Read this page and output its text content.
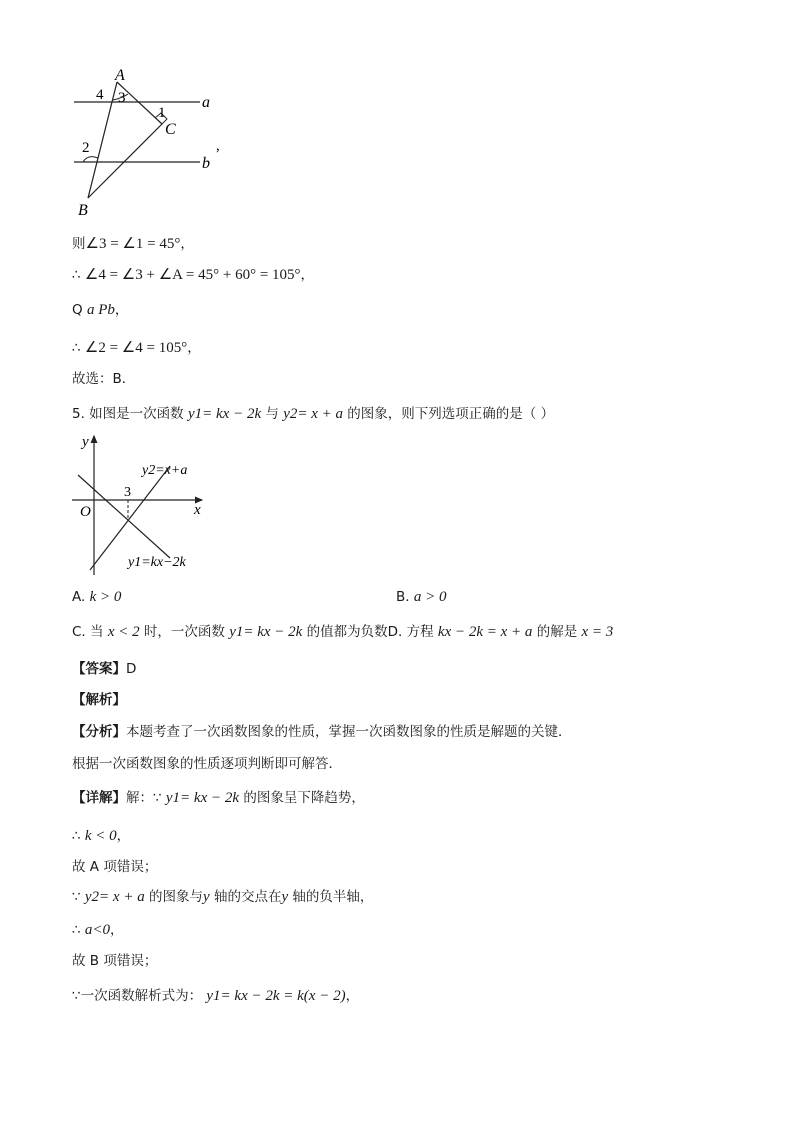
A
4 3
1
C
2
B
a
b
,
则∠3 = ∠1 = 45°，
∴ ∠4 = ∠3 + ∠A = 45° + 60° = 105°，
Q a Pb，
∴ ∠2 = ∠4 = 105°，
故选：B．
5. 如图是一次函数 y1= kx − 2k 与 y2= x + a 的图象，则下列选项正确的是（ ）
y
x
O
3
y2=x+a
y1=kx−2k
A. k > 0	B. a > 0
C. 当 x < 2 时，一次函数 y1= kx − 2k 的值都为负数D. 方程 kx − 2k = x + a 的解是 x = 3
【答案】D
【解析】
【分析】本题考查了一次函数图象的性质，掌握一次函数图象的性质是解题的关键．
根据一次函数图象的性质逐项判断即可解答．
【详解】解：∵ y1= kx − 2k 的图象呈下降趋势，
∴ k < 0，
故 A 项错误；
∵ y2= x + a 的图象与y 轴的交点在y 轴的负半轴，
∴ a<0，
故 B 项错误；
∵一次函数解析式为： y1= kx − 2k = k(x − 2)，
